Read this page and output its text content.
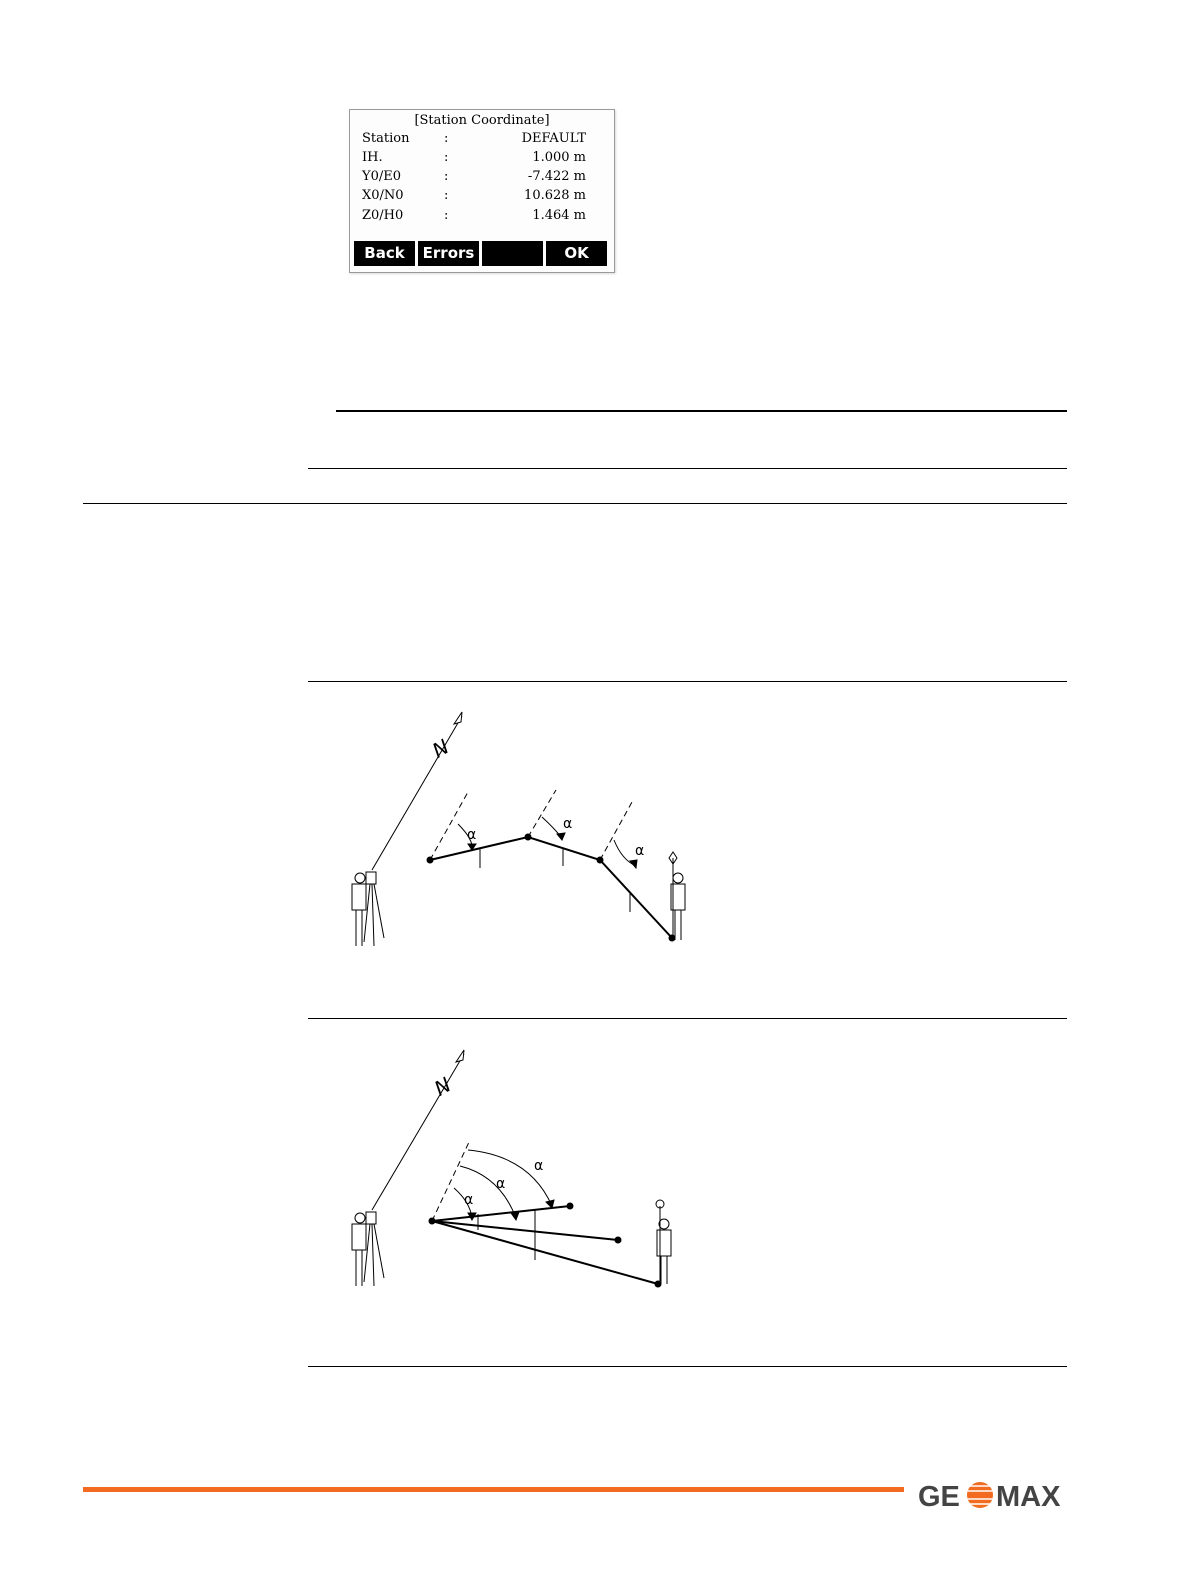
[Station Coordinate]
Station	:	DEFAULT
IH.	:	1.000 m
Y0/E0	:	-7.422 m
X0/N0	:	10.628 m
Z0/H0	:	1.464 m
Back	Errors	OK
N
α
α
α
N
α
α
α
GE MAX
